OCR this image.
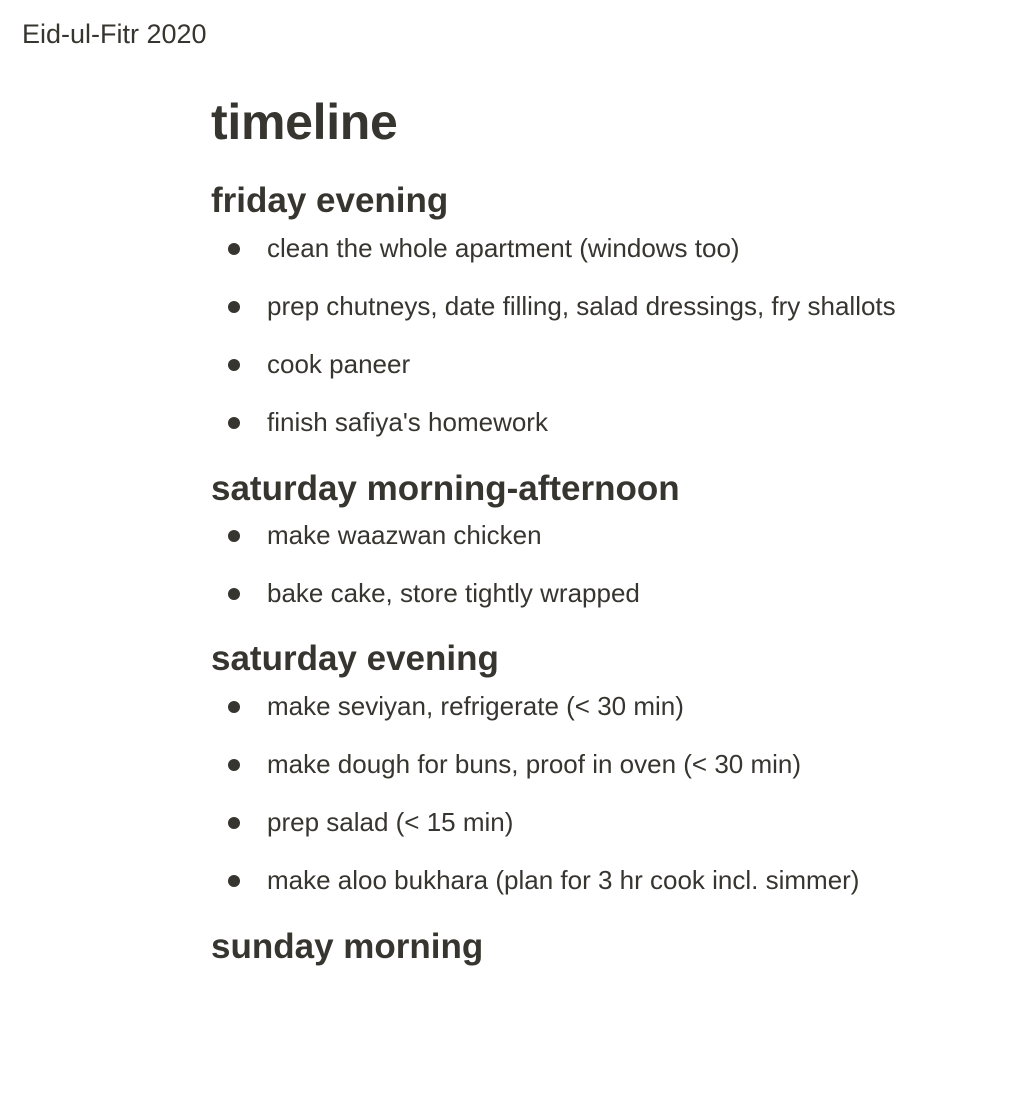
Eid-ul-Fitr 2020
timeline
friday evening
clean the whole apartment (windows too)
prep chutneys, date filling, salad dressings, fry shallots
cook paneer
finish safiya's homework
saturday morning-afternoon
make waazwan chicken
bake cake, store tightly wrapped
saturday evening
make seviyan, refrigerate (< 30 min)
make dough for buns, proof in oven (< 30 min)
prep salad (< 15 min)
make aloo bukhara (plan for 3 hr cook incl. simmer)
sunday morning
